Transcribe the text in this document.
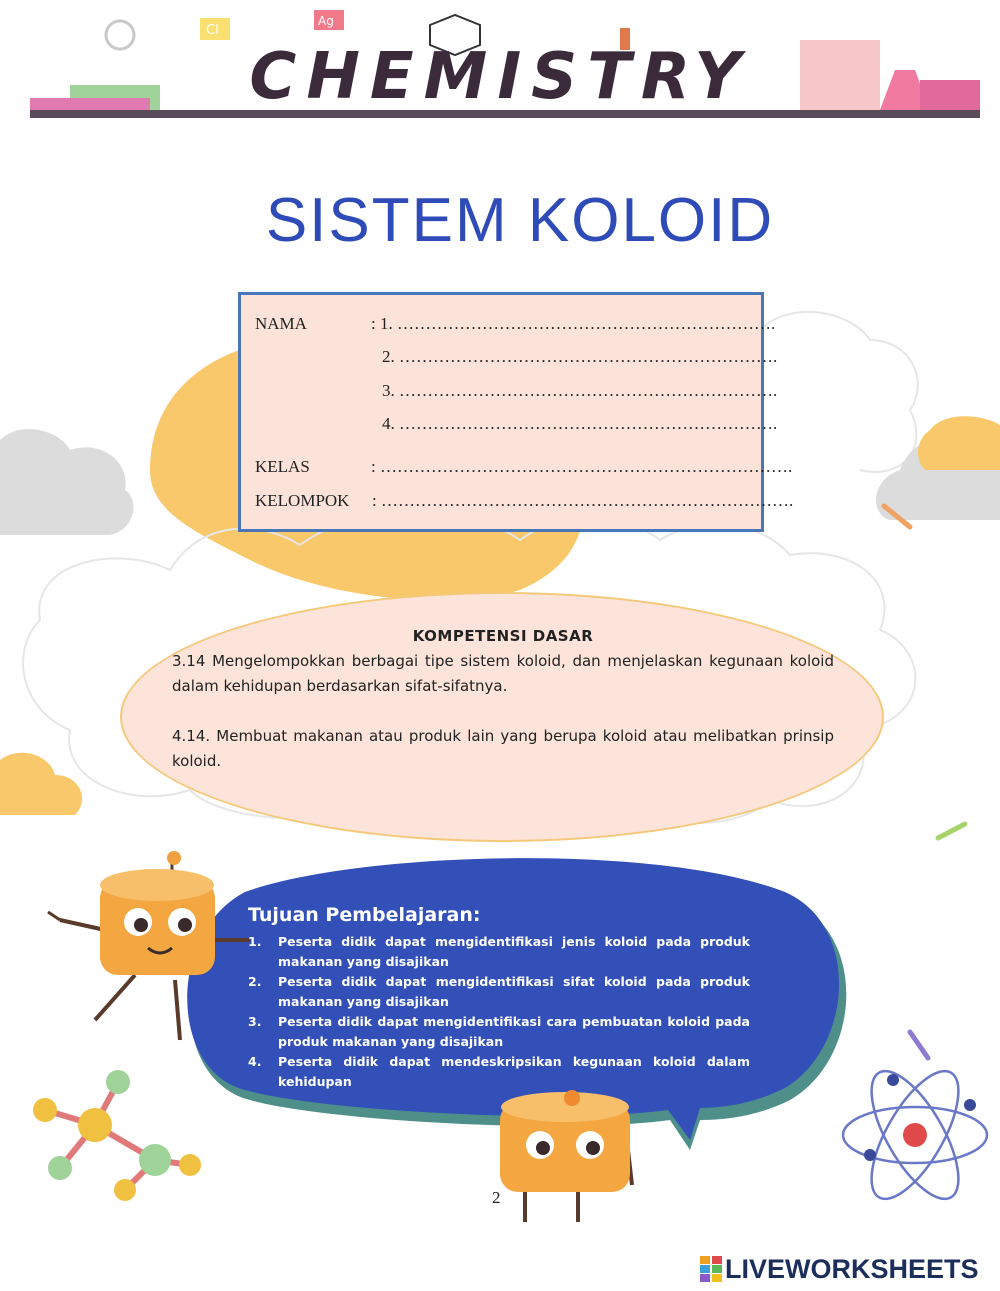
Cl
Ag
CHEMISTRY
SISTEM KOLOID
NAMA	: 1. ………………………………………………………….
2. ………………………………………………………….
3. ………………………………………………………….
4. ………………………………………………………….
KELAS	: ……………………………………………………………….
KELOMPOK : ……………………………………………………………….
KOMPETENSI DASAR

3.14 Mengelompokkan berbagai tipe sistem koloid, dan menjelaskan kegunaan koloid dalam kehidupan berdasarkan sifat-sifatnya.

4.14. Membuat makanan atau produk lain yang berupa koloid atau melibatkan prinsip koloid.

Tujuan Pembelajaran:
1. Peserta didik dapat mengidentifikasi jenis koloid pada produk makanan yang disajikan
2. Peserta didik dapat mengidentifikasi sifat koloid pada produk makanan yang disajikan
3. Peserta didik dapat mengidentifikasi cara pembuatan koloid pada produk makanan yang disajikan
4. Peserta didik dapat mendeskripsikan kegunaan koloid dalam kehidupan
2
LIVEWORKSHEETS
